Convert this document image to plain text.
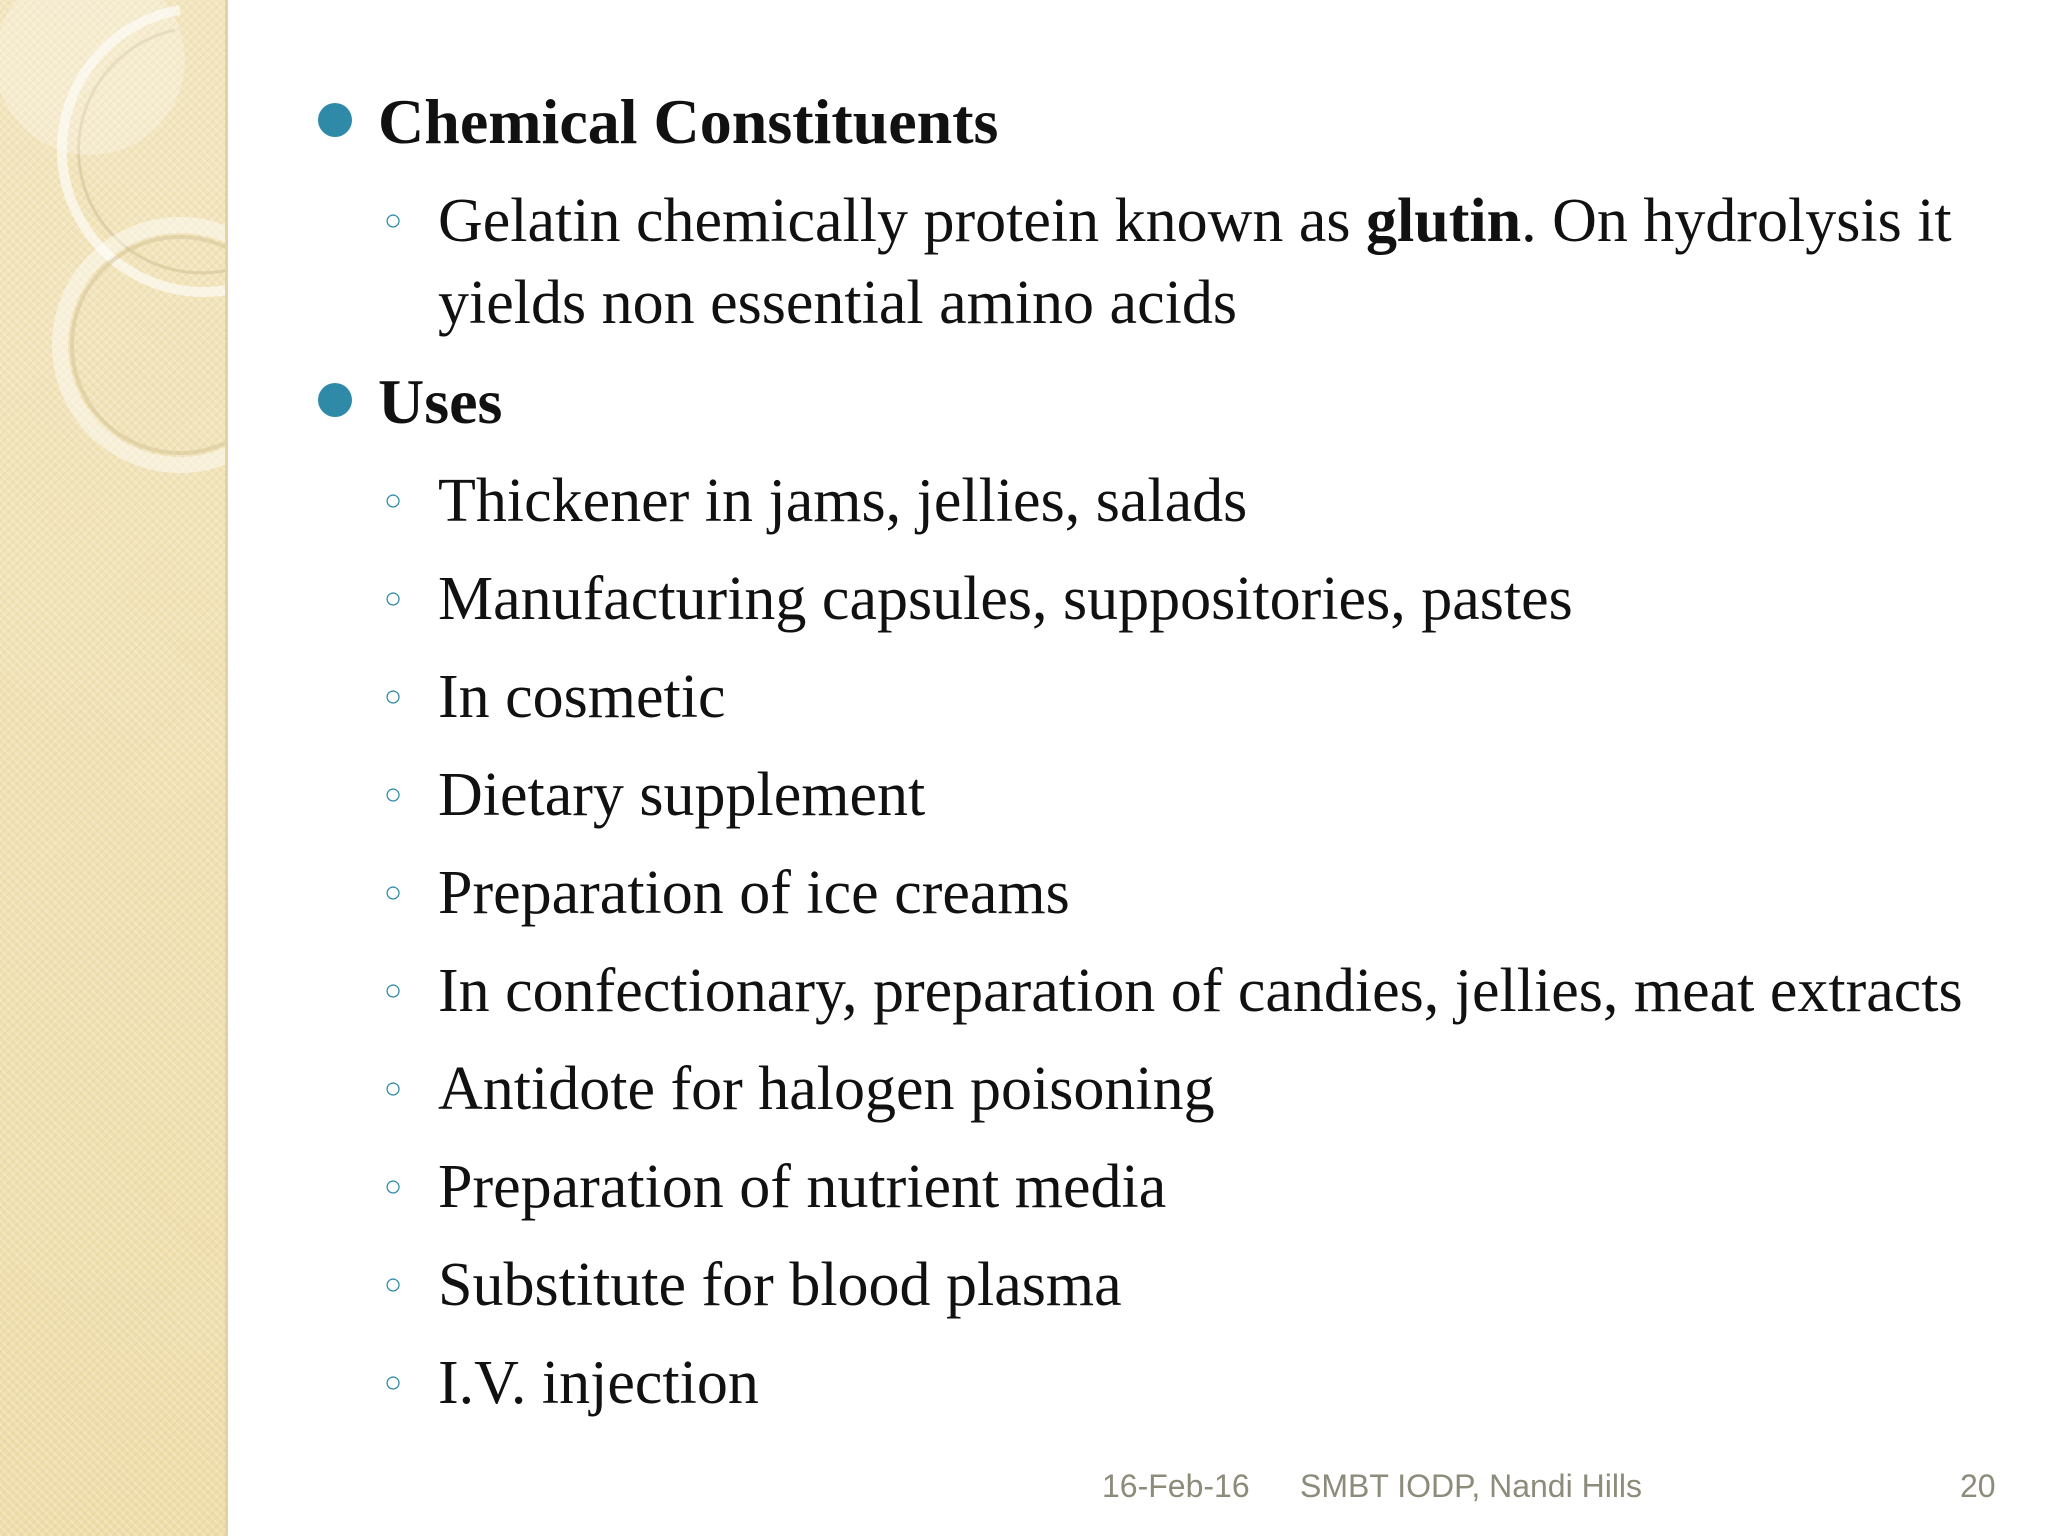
Chemical Constituents
○ Gelatin chemically protein known as glutin. On hydrolysis it yields non essential amino acids
Uses
○ Thickener in jams, jellies, salads
○ Manufacturing capsules, suppositories, pastes
○ In cosmetic
○ Dietary supplement
○ Preparation of ice creams
○ In confectionary, preparation of candies, jellies, meat extracts
○ Antidote for halogen poisoning
○ Preparation of nutrient media
○ Substitute for blood plasma
○ I.V. injection
16-Feb-16 SMBT IODP, Nandi Hills	20
